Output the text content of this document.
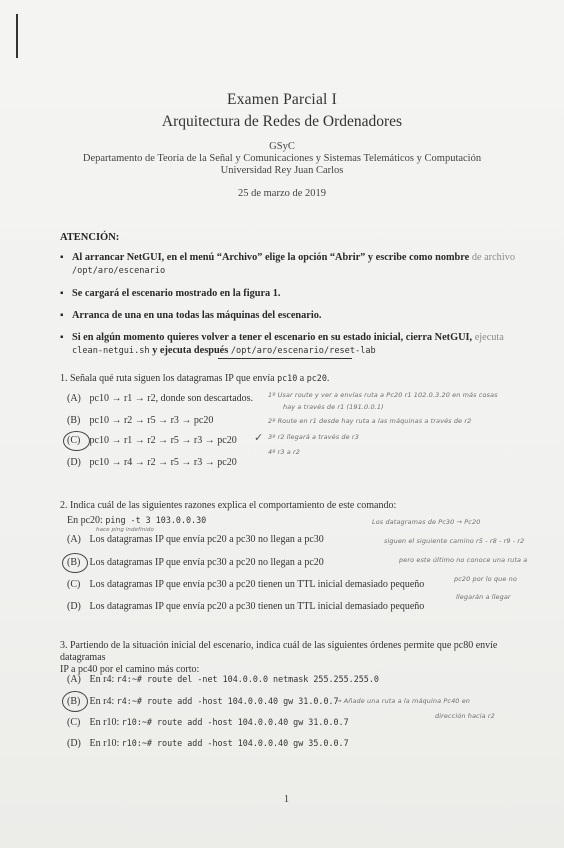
Examen Parcial I
Arquitectura de Redes de Ordenadores
GSyC
Departamento de Teoría de la Señal y Comunicaciones y Sistemas Telemáticos y Computación
Universidad Rey Juan Carlos
25 de marzo de 2019
ATENCIÓN:
▪ Al arrancar NetGUI, en el menú “Archivo” elige la opción “Abrir” y escribe como nombre de archivo
/opt/aro/escenario
▪ Se cargará el escenario mostrado en la figura 1.
▪ Arranca de una en una todas las máquinas del escenario.
▪ Si en algún momento quieres volver a tener el escenario en su estado inicial, cierra NetGUI, ejecuta
clean-netgui.sh y ejecuta después /opt/aro/escenario/reset-lab
1. Señala qué ruta siguen los datagramas IP que envía pc10 a pc20.
(A) pc10 → r1 → r2, donde son descartados.
(B) pc10 → r2 → r5 → r3 → pc20
(C) pc10 → r1 → r2 → r5 → r3 → pc20
(D) pc10 → r4 → r2 → r5 → r3 → pc20
✓
1º Usar route y ver a envías ruta a Pc20 r1 102.0.3.20 en más cosas
hay a través de r1 (191.0.0.1)
2º Route en r1 desde hay ruta a las máquinas a través de r2
3º r2 llegará a través de r3
4º r3 a r2
2. Indica cuál de las siguientes razones explica el comportamiento de este comando:
En pc20: ping -t 3 103.0.0.30
hace ping indefinido
(A) Los datagramas IP que envía pc20 a pc30 no llegan a pc30
(B) Los datagramas IP que envía pc30 a pc20 no llegan a pc20
(C) Los datagramas IP que envía pc30 a pc20 tienen un TTL inicial demasiado pequeño
(D) Los datagramas IP que envía pc20 a pc30 tienen un TTL inicial demasiado pequeño
Los datagramas de Pc30 → Pc20
siguen el siguiente camino r5 - r8 - r9 - r2
pero este último no conoce una ruta a
pc20 por lo que no
llegarán a llegar
3. Partiendo de la situación inicial del escenario, indica cuál de las siguientes órdenes permite que pc80 envíe datagramas
IP a pc40 por el camino más corto:
(A) En r4: r4:~# route del -net 104.0.0.0 netmask 255.255.255.0
(B) En r4: r4:~# route add -host 104.0.0.40 gw 31.0.0.7
(C) En r10: r10:~# route add -host 104.0.0.40 gw 31.0.0.7
(D) En r10: r10:~# route add -host 104.0.0.40 gw 35.0.0.7
→ Añade una ruta a la máquina Pc40 en
dirección hacia r2
1
